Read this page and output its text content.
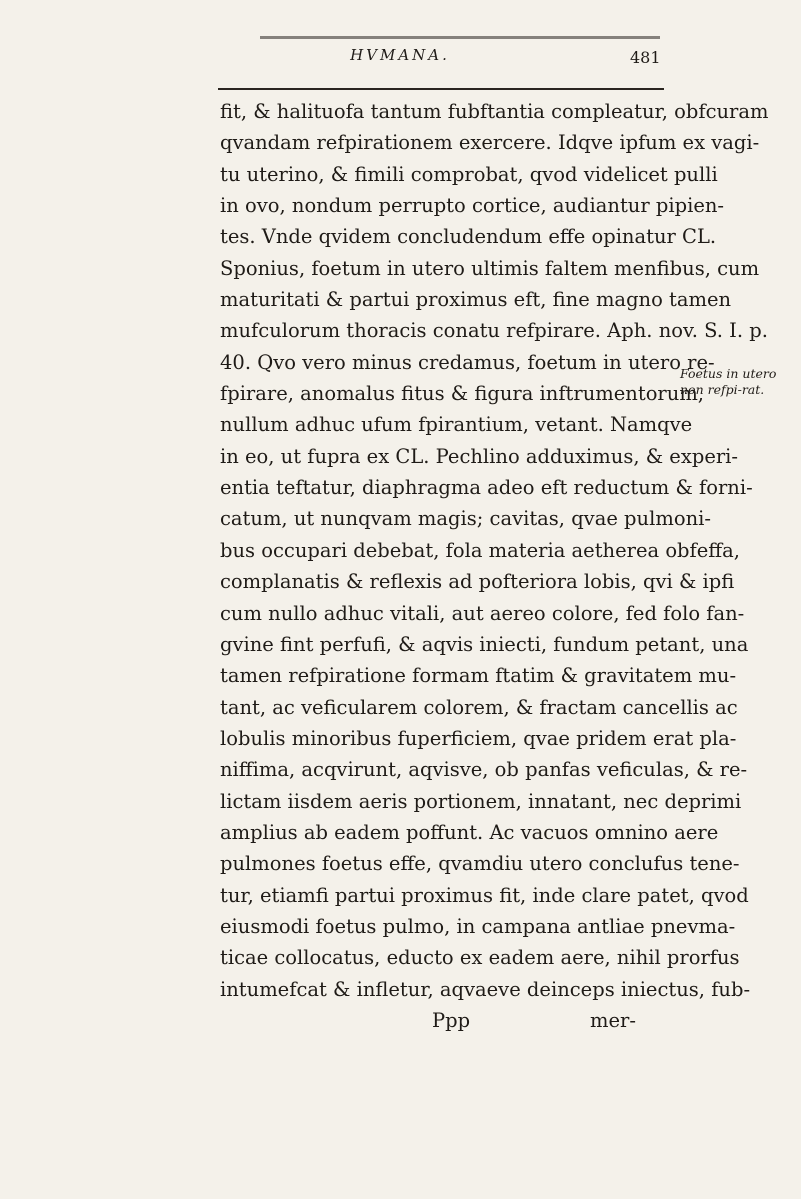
HVMANA.	481
fit, & halituofa tantum fubftantia compleatur, obfcuram
qvandam refpirationem exercere. Idqve ipfum ex vagi-
tu uterino, & fimili comprobat, qvod videlicet pulli
in ovo, nondum perrupto cortice, audiantur pipien-
tes. Vnde qvidem concludendum effe opinatur CL.
Sponius, foetum in utero ultimis faltem menfibus, cum
maturitati & partui proximus eft, fine magno tamen
mufculorum thoracis conatu refpirare. Aph. nov. S. I. p.
40. Qvo vero minus credamus, foetum in utero re-
fpirare, anomalus fitus & figura inftrumentorum,
nullum adhuc ufum fpirantium, vetant. Namqve
in eo, ut fupra ex CL. Pechlino adduximus, & experi-
entia teftatur, diaphragma adeo eft reductum & forni-
catum, ut nunqvam magis; cavitas, qvae pulmoni-
bus occupari debebat, fola materia aetherea obfeffa,
complanatis & reflexis ad pofteriora lobis, qvi & ipfi
cum nullo adhuc vitali, aut aereo colore, fed folo fan-
gvine fint perfufi, & aqvis iniecti, fundum petant, una
tamen refpiratione formam ftatim & gravitatem mu-
tant, ac veficularem colorem, & fractam cancellis ac
lobulis minoribus fuperficiem, qvae pridem erat pla-
niffima, acqvirunt, aqvisve, ob panfas veficulas, & re-
lictam iisdem aeris portionem, innatant, nec deprimi
amplius ab eadem poffunt. Ac vacuos omnino aere
pulmones foetus effe, qvamdiu utero conclufus tene-
tur, etiamfi partui proximus fit, inde clare patet, qvod
eiusmodi foetus pulmo, in campana antliae pnevma-
ticae collocatus, educto ex eadem aere, nihil prorfus
intumefcat & infletur, aqvaeve deinceps iniectus, fub-
Ppp	mer-
Foetus in utero non refpi-rat.
